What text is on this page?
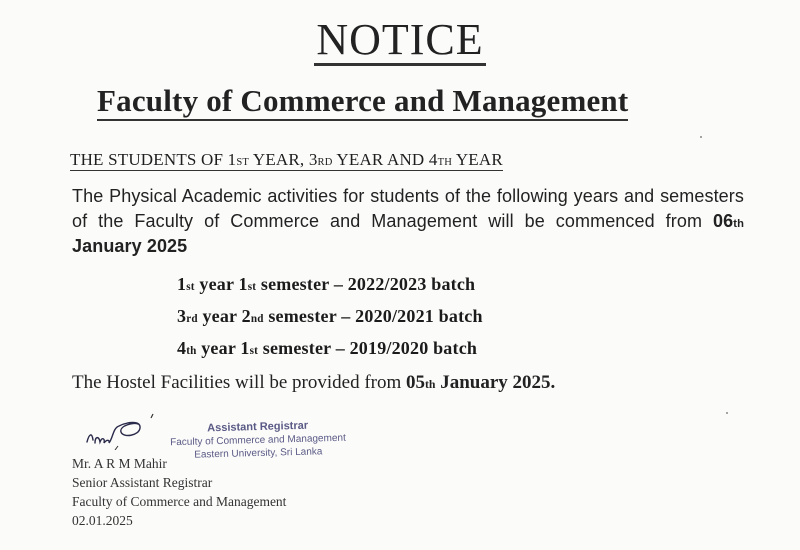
NOTICE
Faculty of Commerce and Management
THE STUDENTS OF 1ST YEAR, 3RD YEAR AND 4TH YEAR
The Physical Academic activities for students of the following years and semesters of the Faculty of Commerce and Management will be commenced from 06th January 2025
1st year 1st semester – 2022/2023 batch
3rd year 2nd semester – 2020/2021 batch
4th year 1st semester – 2019/2020 batch
The Hostel Facilities will be provided from 05th January 2025.
Assistant Registrar
Faculty of Commerce and Management
Eastern University, Sri Lanka
Mr. A R M Mahir
Senior Assistant Registrar
Faculty of Commerce and Management
02.01.2025
